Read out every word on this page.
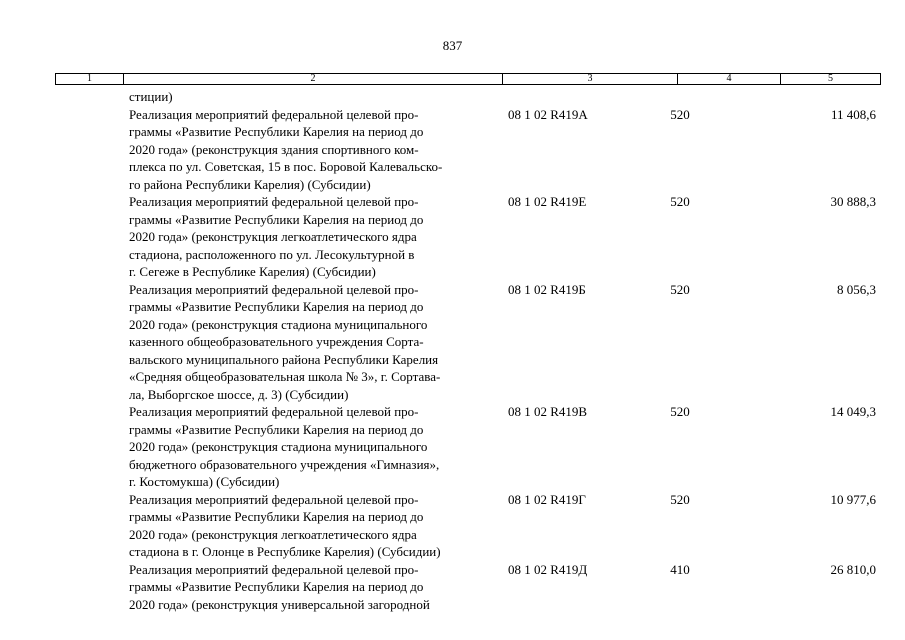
837
1	2	3	4	5
стиции)
Реализация мероприятий федеральной целевой про-
граммы «Развитие Республики Карелия на период до
2020 года» (реконструкция здания спортивного ком-
плекса по ул. Советская, 15 в пос. Боровой Калевальско-
го района Республики Карелия) (Субсидии)
08 1 02 R419А	520	11 408,6
Реализация мероприятий федеральной целевой про-
граммы «Развитие Республики Карелия на период до
2020 года» (реконструкция легкоатлетического ядра
стадиона, расположенного по ул. Лесокультурной в
г. Сегеже в Республике Карелия) (Субсидии)
08 1 02 R419Е	520	30 888,3
Реализация мероприятий федеральной целевой про-
граммы «Развитие Республики Карелия на период до
2020 года» (реконструкция стадиона муниципального
казенного общеобразовательного учреждения Сорта-
вальского муниципального района Республики Карелия
«Средняя общеобразовательная школа № 3», г. Сортава-
ла, Выборгское шоссе, д. 3) (Субсидии)
08 1 02 R419Б	520	8 056,3
Реализация мероприятий федеральной целевой про-
граммы «Развитие Республики Карелия на период до
2020 года» (реконструкция стадиона муниципального
бюджетного образовательного учреждения «Гимназия»,
г. Костомукша) (Субсидии)
08 1 02 R419В	520	14 049,3
Реализация мероприятий федеральной целевой про-
граммы «Развитие Республики Карелия на период до
2020 года» (реконструкция легкоатлетического ядра
стадиона в г. Олонце в Республике Карелия) (Субсидии)
08 1 02 R419Г	520	10 977,6
Реализация мероприятий федеральной целевой про-
граммы «Развитие Республики Карелия на период до
2020 года» (реконструкция универсальной загородной
08 1 02 R419Д	410	26 810,0
